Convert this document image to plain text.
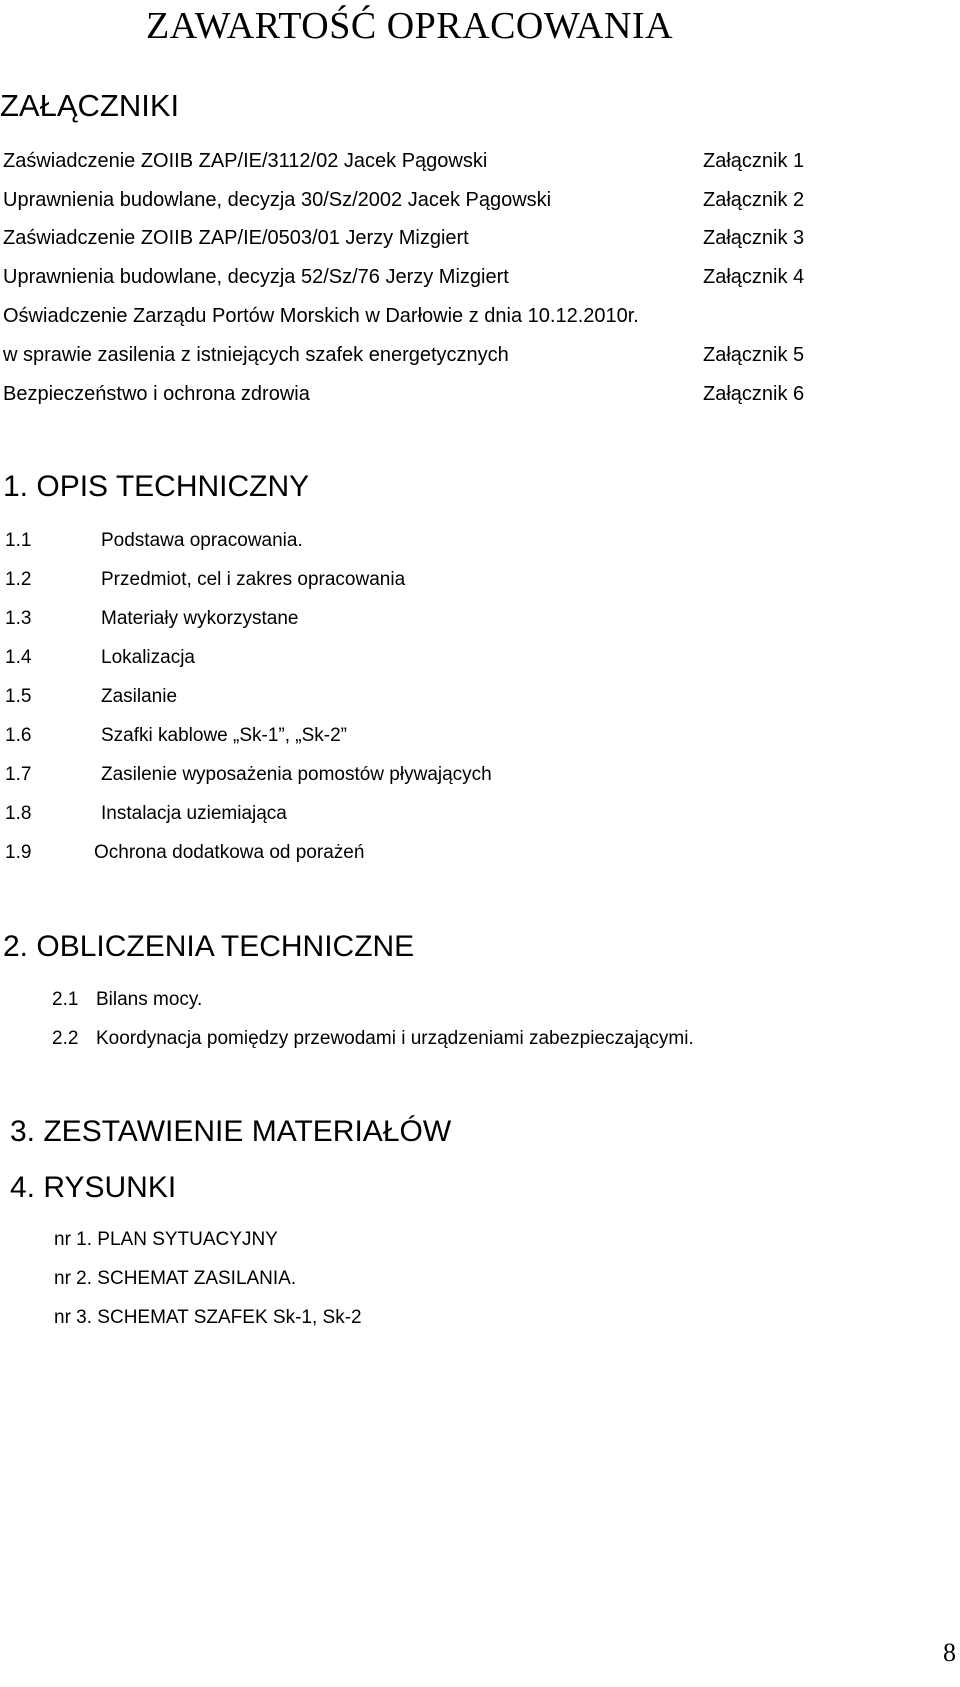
ZAWARTOŚĆ OPRACOWANIA
ZAŁĄCZNIKI
Zaświadczenie ZOIIB ZAP/IE/3112/02 Jacek Pągowski	Załącznik 1
Uprawnienia budowlane, decyzja 30/Sz/2002 Jacek Pągowski	Załącznik 2
Zaświadczenie ZOIIB ZAP/IE/0503/01 Jerzy Mizgiert	Załącznik 3
Uprawnienia budowlane, decyzja 52/Sz/76 Jerzy Mizgiert	Załącznik 4
Oświadczenie Zarządu Portów Morskich w Darłowie z dnia 10.12.2010r.
w sprawie zasilenia z istniejących szafek energetycznych	Załącznik 5
Bezpieczeństwo i ochrona zdrowia	Załącznik 6
1. OPIS TECHNICZNY
1.1	Podstawa opracowania.
1.2	Przedmiot, cel i zakres opracowania
1.3	Materiały wykorzystane
1.4	Lokalizacja
1.5	Zasilanie
1.6	Szafki kablowe „Sk-1”, „Sk-2”
1.7	Zasilenie wyposażenia pomostów pływających
1.8	Instalacja uziemiająca
1.9	Ochrona dodatkowa od porażeń
2. OBLICZENIA TECHNICZNE
2.1 Bilans mocy.
2.2 Koordynacja pomiędzy przewodami i urządzeniami zabezpieczającymi.
3. ZESTAWIENIE MATERIAŁÓW
4. RYSUNKI
nr 1. PLAN SYTUACYJNY
nr 2. SCHEMAT ZASILANIA.
nr 3. SCHEMAT SZAFEK Sk-1, Sk-2
8
